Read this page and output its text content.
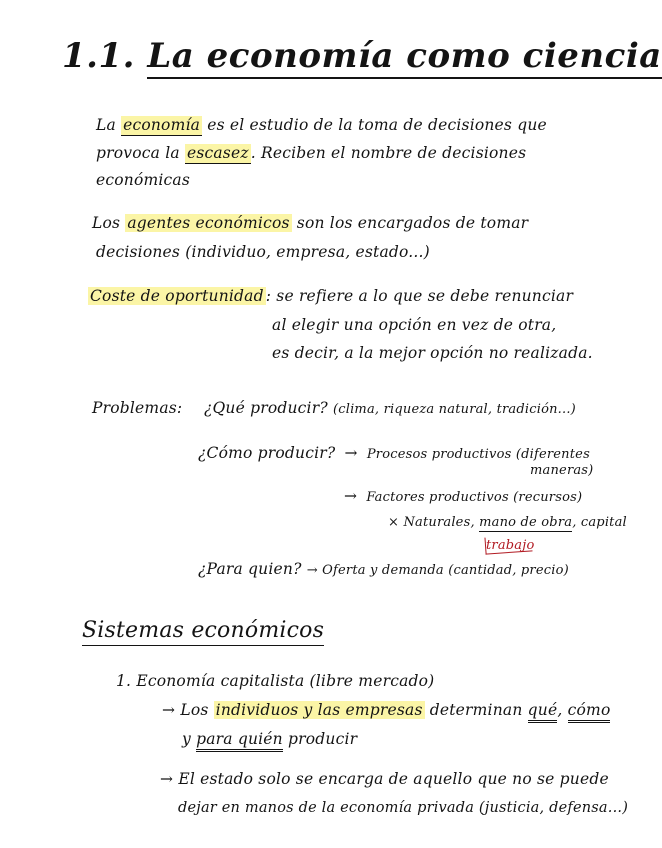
1.1. La economía como ciencia
La economía es el estudio de la toma de decisiones que
provoca la escasez . Reciben el nombre de decisiones
económicas
Los agentes económicos son los encargados de tomar
decisiones (individuo, empresa, estado...)
Coste de oportunidad : se refiere a lo que se debe renunciar
al elegir una opción en vez de otra,
es decir, a la mejor opción no realizada.
Problemas: ¿Qué producir? (clima, riqueza natural, tradición...)
¿Cómo producir? → Procesos productivos (diferentes
maneras)
→ Factores productivos (recursos)
× Naturales, mano de obra, capital
trabajo
¿Para quien? → Oferta y demanda (cantidad, precio)
Sistemas económicos
1. Economía capitalista (libre mercado)
→ Los individuos y las empresas determinan qué, cómo
y para quién producir
→ El estado solo se encarga de aquello que no se puede
dejar en manos de la economía privada (justicia, defensa...)
